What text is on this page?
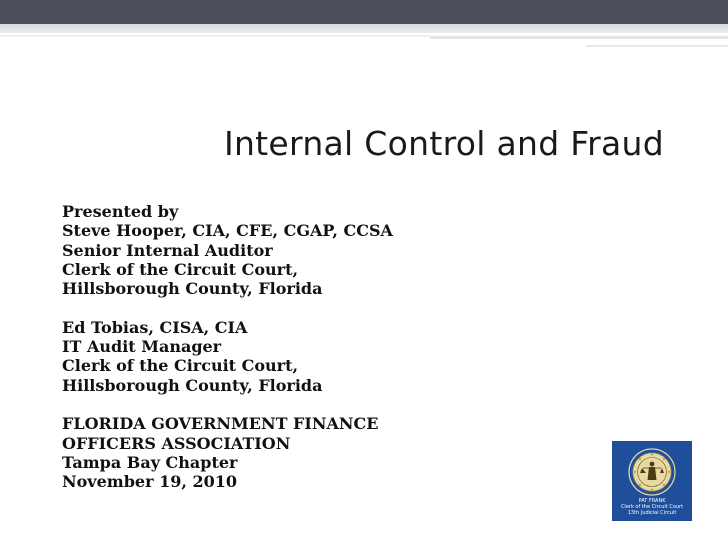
Internal Control and Fraud
Presented by
Steve Hooper, CIA, CFE, CGAP, CCSA
Senior Internal Auditor
Clerk of the Circuit Court,
Hillsborough County, Florida
Ed Tobias, CISA, CIA
IT Audit Manager
Clerk of the Circuit Court,
Hillsborough County, Florida
FLORIDA GOVERNMENT FINANCE
OFFICERS ASSOCIATION
Tampa Bay Chapter
November 19, 2010
PAT FRANK
Clerk of the Circuit Court
13th Judicial Circuit
